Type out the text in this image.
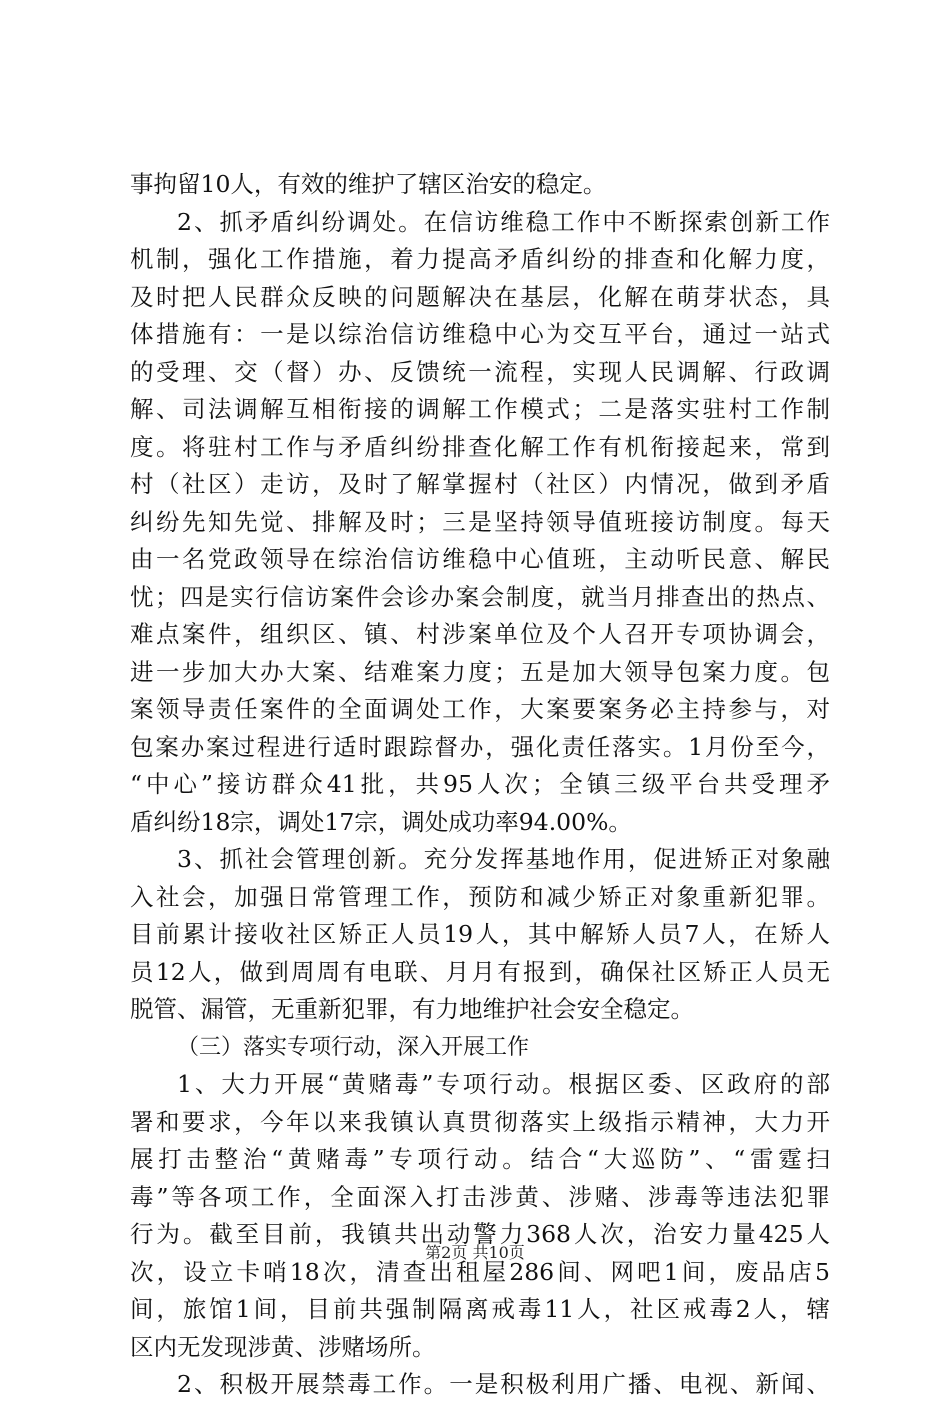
事拘留10人，有效的维护了辖区治安的稳定。
2、抓矛盾纠纷调处。在信访维稳工作中不断探索创新工作
机制，强化工作措施，着力提高矛盾纠纷的排查和化解力度，
及时把人民群众反映的问题解决在基层，化解在萌芽状态，具
体措施有：一是以综治信访维稳中心为交互平台，通过一站式
的受理、交（督）办、反馈统一流程，实现人民调解、行政调
解、司法调解互相衔接的调解工作模式；二是落实驻村工作制
度。将驻村工作与矛盾纠纷排查化解工作有机衔接起来，常到
村（社区）走访，及时了解掌握村（社区）内情况，做到矛盾
纠纷先知先觉、排解及时；三是坚持领导值班接访制度。每天
由一名党政领导在综治信访维稳中心值班，主动听民意、解民
忧；四是实行信访案件会诊办案会制度，就当月排查出的热点、
难点案件，组织区、镇、村涉案单位及个人召开专项协调会，
进一步加大办大案、结难案力度；五是加大领导包案力度。包
案领导责任案件的全面调处工作，大案要案务必主持参与，对
包案办案过程进行适时跟踪督办，强化责任落实。1月份至今，
“中心”接访群众41批，共95人次；全镇三级平台共受理矛
盾纠纷18宗，调处17宗，调处成功率94.00%。
3、抓社会管理创新。充分发挥基地作用，促进矫正对象融
入社会，加强日常管理工作，预防和减少矫正对象重新犯罪。
目前累计接收社区矫正人员19人，其中解矫人员7人，在矫人
员12人，做到周周有电联、月月有报到，确保社区矫正人员无
脱管、漏管，无重新犯罪，有力地维护社会安全稳定。
（三）落实专项行动，深入开展工作
1、大力开展“黄赌毒”专项行动。根据区委、区政府的部
署和要求，今年以来我镇认真贯彻落实上级指示精神，大力开
展打击整治“黄赌毒”专项行动。结合“大巡防”、“雷霆扫
毒”等各项工作，全面深入打击涉黄、涉赌、涉毒等违法犯罪
行为。截至目前，我镇共出动警力368人次，治安力量425人
次，设立卡哨18次，清查出租屋286间、网吧1间，废品店5
间，旅馆1间，目前共强制隔离戒毒11人，社区戒毒2人，辖
区内无发现涉黄、涉赌场所。
2、积极开展禁毒工作。一是积极利用广播、电视、新闻、
第2页 共10页
